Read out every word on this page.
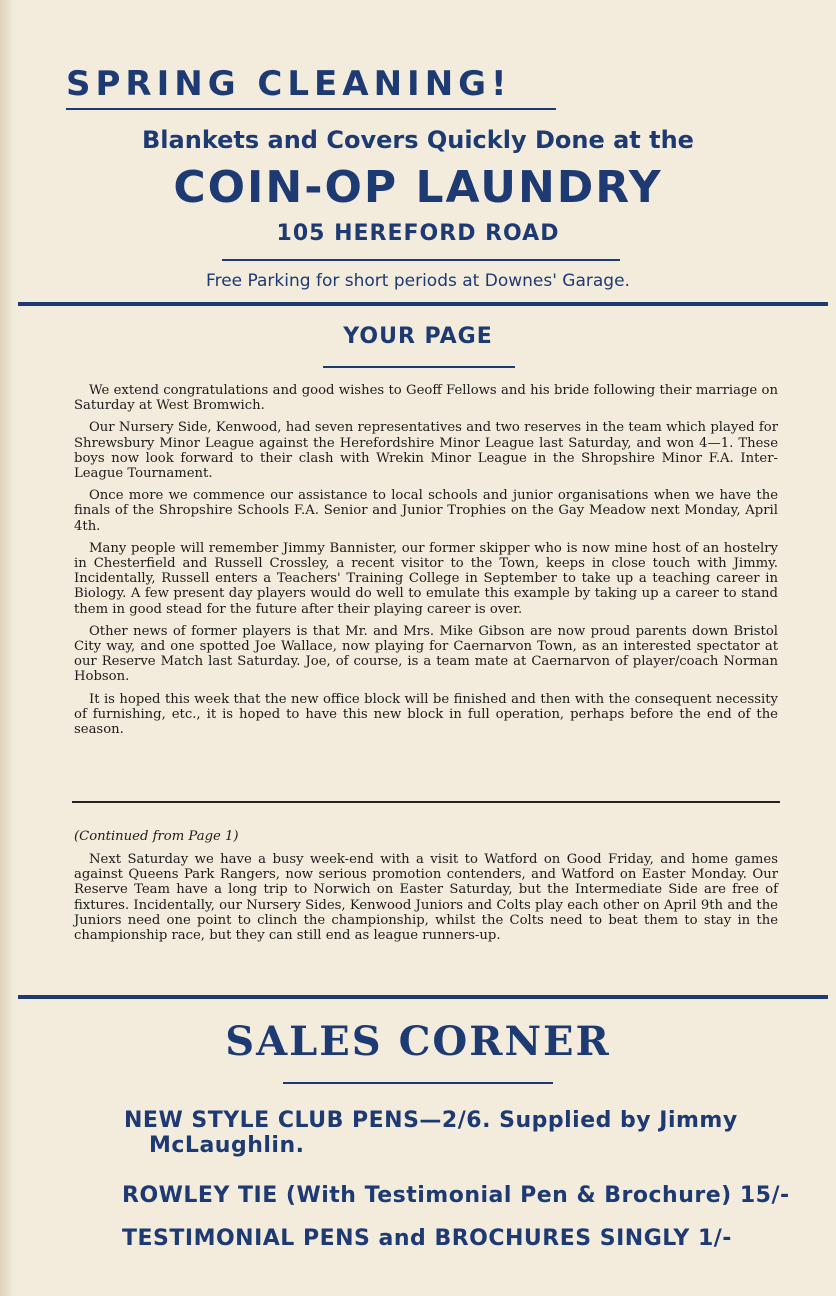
SPRING CLEANING!
Blankets and Covers Quickly Done at the
COIN-OP LAUNDRY
105 HEREFORD ROAD
Free Parking for short periods at Downes' Garage.
YOUR PAGE

We extend congratulations and good wishes to Geoff Fellows and his bride following their marriage on Saturday at West Bromwich.

Our Nursery Side, Kenwood, had seven representatives and two reserves in the team which played for Shrewsbury Minor League against the Herefordshire Minor League last Saturday, and won 4—1. These boys now look forward to their clash with Wrekin Minor League in the Shropshire Minor F.A. Inter-League Tournament.

Once more we commence our assistance to local schools and junior organisations when we have the finals of the Shropshire Schools F.A. Senior and Junior Trophies on the Gay Meadow next Monday, April 4th.

Many people will remember Jimmy Bannister, our former skipper who is now mine host of an hostelry in Chesterfield and Russell Crossley, a recent visitor to the Town, keeps in close touch with Jimmy. Incidentally, Russell enters a Teachers' Training College in September to take up a teaching career in Biology. A few present day players would do well to emulate this example by taking up a career to stand them in good stead for the future after their playing career is over.

Other news of former players is that Mr. and Mrs. Mike Gibson are now proud parents down Bristol City way, and one spotted Joe Wallace, now playing for Caernarvon Town, as an interested spectator at our Reserve Match last Saturday. Joe, of course, is a team mate at Caernarvon of player/coach Norman Hobson.

It is hoped this week that the new office block will be finished and then with the consequent necessity of furnishing, etc., it is hoped to have this new block in full operation, perhaps before the end of the season.

(Continued from Page 1)

Next Saturday we have a busy week-end with a visit to Watford on Good Friday, and home games against Queens Park Rangers, now serious promotion contenders, and Watford on Easter Monday. Our Reserve Team have a long trip to Norwich on Easter Saturday, but the Intermediate Side are free of fixtures. Incidentally, our Nursery Sides, Kenwood Juniors and Colts play each other on April 9th and the Juniors need one point to clinch the championship, whilst the Colts need to beat them to stay in the championship race, but they can still end as league runners-up.

SALES CORNER
NEW STYLE CLUB PENS—2/6. Supplied by Jimmy
McLaughlin.
ROWLEY TIE (With Testimonial Pen & Brochure) 15/-
TESTIMONIAL PENS and BROCHURES SINGLY 1/-
